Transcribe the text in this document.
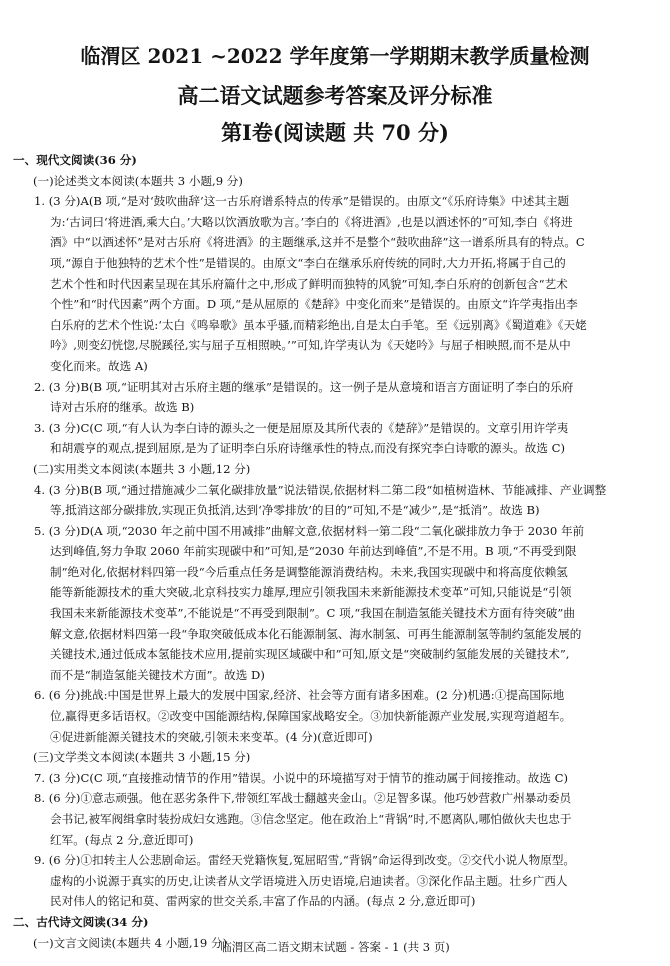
临渭区 2021 ~2022 学年度第一学期期末教学质量检测
高二语文试题参考答案及评分标准
第Ⅰ卷(阅读题 共 70 分)
一、现代文阅读(36 分)
(一)论述类文本阅读(本题共 3 小题,9 分)
1. (3 分)A(B 项,“是对‘鼓吹曲辞’这一古乐府谱系特点的传承”是错误的。由原文“《乐府诗集》中述其主题
为:‘古词曰‘将进酒,乘大白。’大略以饮酒放歌为言。’李白的《将进酒》,也是以酒述怀的”可知,李白《将进
酒》中“以酒述怀”是对古乐府《将进酒》的主题继承,这并不是整个“鼓吹曲辞”这一谱系所具有的特点。C
项,“源自于他独特的艺术个性”是错误的。由原文“李白在继承乐府传统的同时,大力开拓,将属于自己的
艺术个性和时代因素呈现在其乐府篇什之中,形成了鲜明而独特的风貌”可知,李白乐府的创新包含“艺术
个性”和“时代因素”两个方面。D 项,“是从屈原的《楚辞》中变化而来”是错误的。由原文“许学夷指出李
白乐府的艺术个性说:‘太白《鸣皋歌》虽本乎骚,而精彩绝出,自是太白手笔。至《远别离》《蜀道难》《天姥
吟》,则变幻恍惚,尽脱蹊径,实与屈子互相照映。’”可知,许学夷认为《天姥吟》与屈子相映照,而不是从中
变化而来。故选 A)
2. (3 分)B(B 项,“证明其对古乐府主题的继承”是错误的。这一例子是从意境和语言方面证明了李白的乐府
诗对古乐府的继承。故选 B)
3. (3 分)C(C 项,“有人认为李白诗的源头之一便是屈原及其所代表的《楚辞》”是错误的。文章引用许学夷
和胡震亨的观点,提到屈原,是为了证明李白乐府诗继承性的特点,而没有探究李白诗歌的源头。故选 C)
(二)实用类文本阅读(本题共 3 小题,12 分)
4. (3 分)B(B 项,“通过措施减少二氧化碳排放量”说法错误,依据材料二第二段“如植树造林、节能减排、产业调整
等,抵消这部分碳排放,实现正负抵消,达到‘净零排放’的目的”可知,不是“减少”,是“抵消”。故选 B)
5. (3 分)D(A 项,“2030 年之前中国不用减排”曲解文意,依据材料一第二段“二氧化碳排放力争于 2030 年前
达到峰值,努力争取 2060 年前实现碳中和”可知,是“2030 年前达到峰值”,不是不用。B 项,“不再受到限
制”绝对化,依据材料四第一段“今后重点任务是调整能源消费结构。未来,我国实现碳中和将高度依赖氢
能等新能源技术的重大突破,北京科技实力雄厚,理应引领我国未来新能源技术变革”可知,只能说是“引领
我国未来新能源技术变革”,不能说是“不再受到限制”。C 项,“我国在制造氢能关键技术方面有待突破”曲
解文意,依据材料四第一段“争取突破低成本化石能源制氢、海水制氢、可再生能源制氢等制约氢能发展的
关键技术,通过低成本氢能技术应用,提前实现区域碳中和”可知,原文是“突破制约氢能发展的关键技术”,
而不是“制造氢能关键技术方面”。故选 D)
6. (6 分)挑战:中国是世界上最大的发展中国家,经济、社会等方面有诸多困难。(2 分)机遇:①提高国际地
位,赢得更多话语权。②改变中国能源结构,保障国家战略安全。③加快新能源产业发展,实现弯道超车。
④促进新能源关键技术的突破,引领未来变革。(4 分)(意近即可)
(三)文学类文本阅读(本题共 3 小题,15 分)
7. (3 分)C(C 项,“直接推动情节的作用”错误。小说中的环境描写对于情节的推动属于间接推动。故选 C)
8. (6 分)①意志顽强。他在恶劣条件下,带领红军战士翻越夹金山。②足智多谋。他巧妙营救广州暴动委员
会书记,被军阀缉拿时装扮成妇女逃跑。③信念坚定。他在政治上“背锅”时,不愿离队,哪怕做伙夫也忠于
红军。(每点 2 分,意近即可)
9. (6 分)①扣转主人公悲剧命运。雷经天党籍恢复,冤屈昭雪,“背锅”命运得到改变。②交代小说人物原型。
虚构的小说源于真实的历史,让读者从文学语境进入历史语境,启迪读者。③深化作品主题。壮乡广西人
民对伟人的铭记和莫、雷两家的世交关系,丰富了作品的内涵。(每点 2 分,意近即可)
二、古代诗文阅读(34 分)
(一)文言文阅读(本题共 4 小题,19 分)
临渭区高二语文期末试题 - 答案 - 1 (共 3 页)
